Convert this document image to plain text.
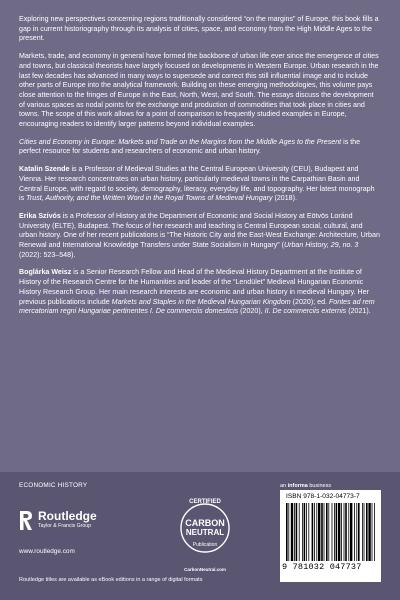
Exploring new perspectives concerning regions traditionally considered “on the margins” of Europe, this book fills a gap in current historiography through its analysis of cities, space, and economy from the High Middle Ages to the present.

Markets, trade, and economy in general have formed the backbone of urban life ever since the emergence of cities and towns, but classical theorists have largely focused on developments in Western Europe. Urban research in the last few decades has advanced in many ways to supersede and correct this still influential image and to include other parts of Europe into the analytical framework. Building on these emerging methodologies, this volume pays close attention to the fringes of Europe in the East, North, West, and South. The essays discuss the development of various spaces as nodal points for the exchange and production of commodities that took place in cities and towns. The scope of this work allows for a point of comparison to frequently studied examples in Europe, encouraging readers to identify larger patterns beyond individual examples.

Cities and Economy in Europe: Markets and Trade on the Margins from the Middle Ages to the Present is the perfect resource for students and researchers of economic and urban history.

Katalin Szende is a Professor of Medieval Studies at the Central European University (CEU), Budapest and Vienna. Her research concentrates on urban history, particularly medieval towns in the Carpathian Basin and Central Europe, with regard to society, demography, literacy, everyday life, and topography. Her latest monograph is Trust, Authority, and the Written Word in the Royal Towns of Medieval Hungary (2018).

Erika Szívós is a Professor of History at the Department of Economic and Social History at Eötvös Loránd University (ELTE), Budapest. The focus of her research and teaching is Central European social, cultural, and urban history. One of her recent publications is “The Historic City and the East-West Exchange: Architecture, Urban Renewal and International Knowledge Transfers under State Socialism in Hungary” (Urban History, 29, no. 3 (2022): 523–548).

Boglárka Weisz is a Senior Research Fellow and Head of the Medieval History Department at the Institute of History of the Research Centre for the Humanities and leader of the “Lendület” Medieval Hungarian Economic History Research Group. Her main research interests are economic and urban history in medieval Hungary. Her previous publications include Markets and Staples in the Medieval Hungarian Kingdom (2020); ed. Fontes ad rem mercatoriam regni Hungariae pertinentes I. De commerciis domesticis (2020), II. De commerciis externis (2021).

ECONOMIC HISTORY
Routledge
Taylor & Francis Group
www.routledge.com
Routledge titles are available as eBook editions in a range of digital formats
CERTIFIED
CARBON
NEUTRAL
Publication
CarbonNeutral.com
an informa business
ISBN 978-1-032-04773-7
9 781032 047737
